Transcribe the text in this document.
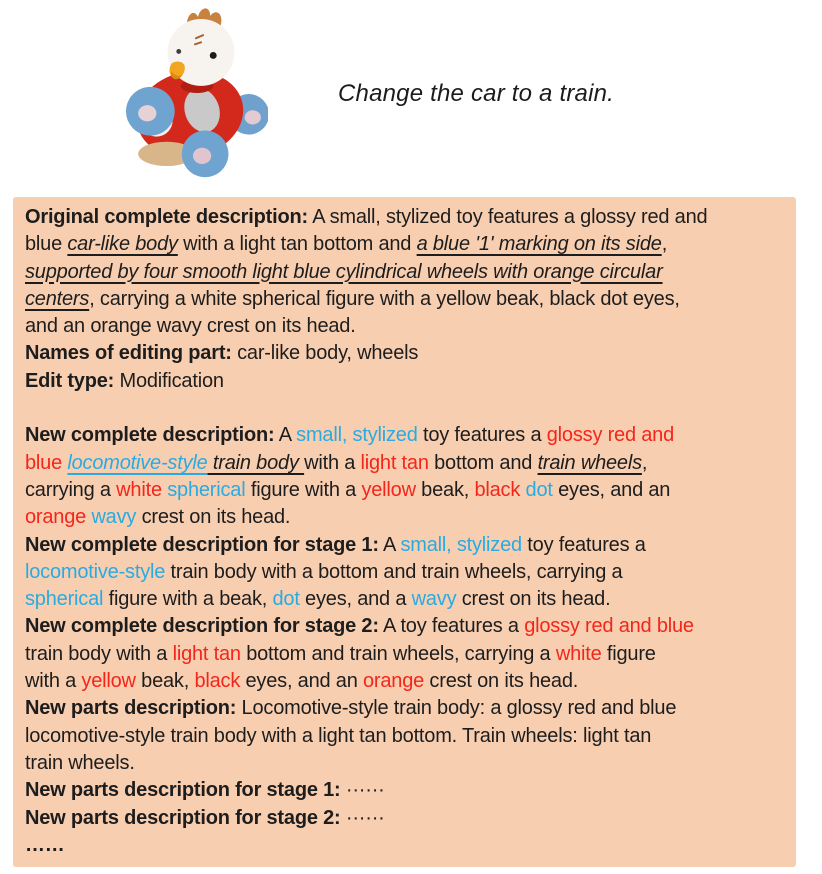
Change the car to a train.
Original complete description: A small, stylized toy features a glossy red and
blue car-like body with a light tan bottom and a blue '1' marking on its side,
supported by four smooth light blue cylindrical wheels with orange circular
centers, carrying a white spherical figure with a yellow beak, black dot eyes,
and an orange wavy crest on its head.
Names of editing part: car-like body, wheels
Edit type: Modification

New complete description: A small, stylized toy features a glossy red and
blue locomotive-style train body with a light tan bottom and train wheels,
carrying a white spherical figure with a yellow beak, black dot eyes, and an
orange wavy crest on its head.
New complete description for stage 1: A small, stylized toy features a
locomotive-style train body with a bottom and train wheels, carrying a
spherical figure with a beak, dot eyes, and a wavy crest on its head.
New complete description for stage 2: A toy features a glossy red and blue
train body with a light tan bottom and train wheels, carrying a white figure
with a yellow beak, black eyes, and an orange crest on its head.
New parts description: Locomotive-style train body: a glossy red and blue
locomotive-style train body with a light tan bottom. Train wheels: light tan
train wheels.
New parts description for stage 1: ······
New parts description for stage 2: ······
……
